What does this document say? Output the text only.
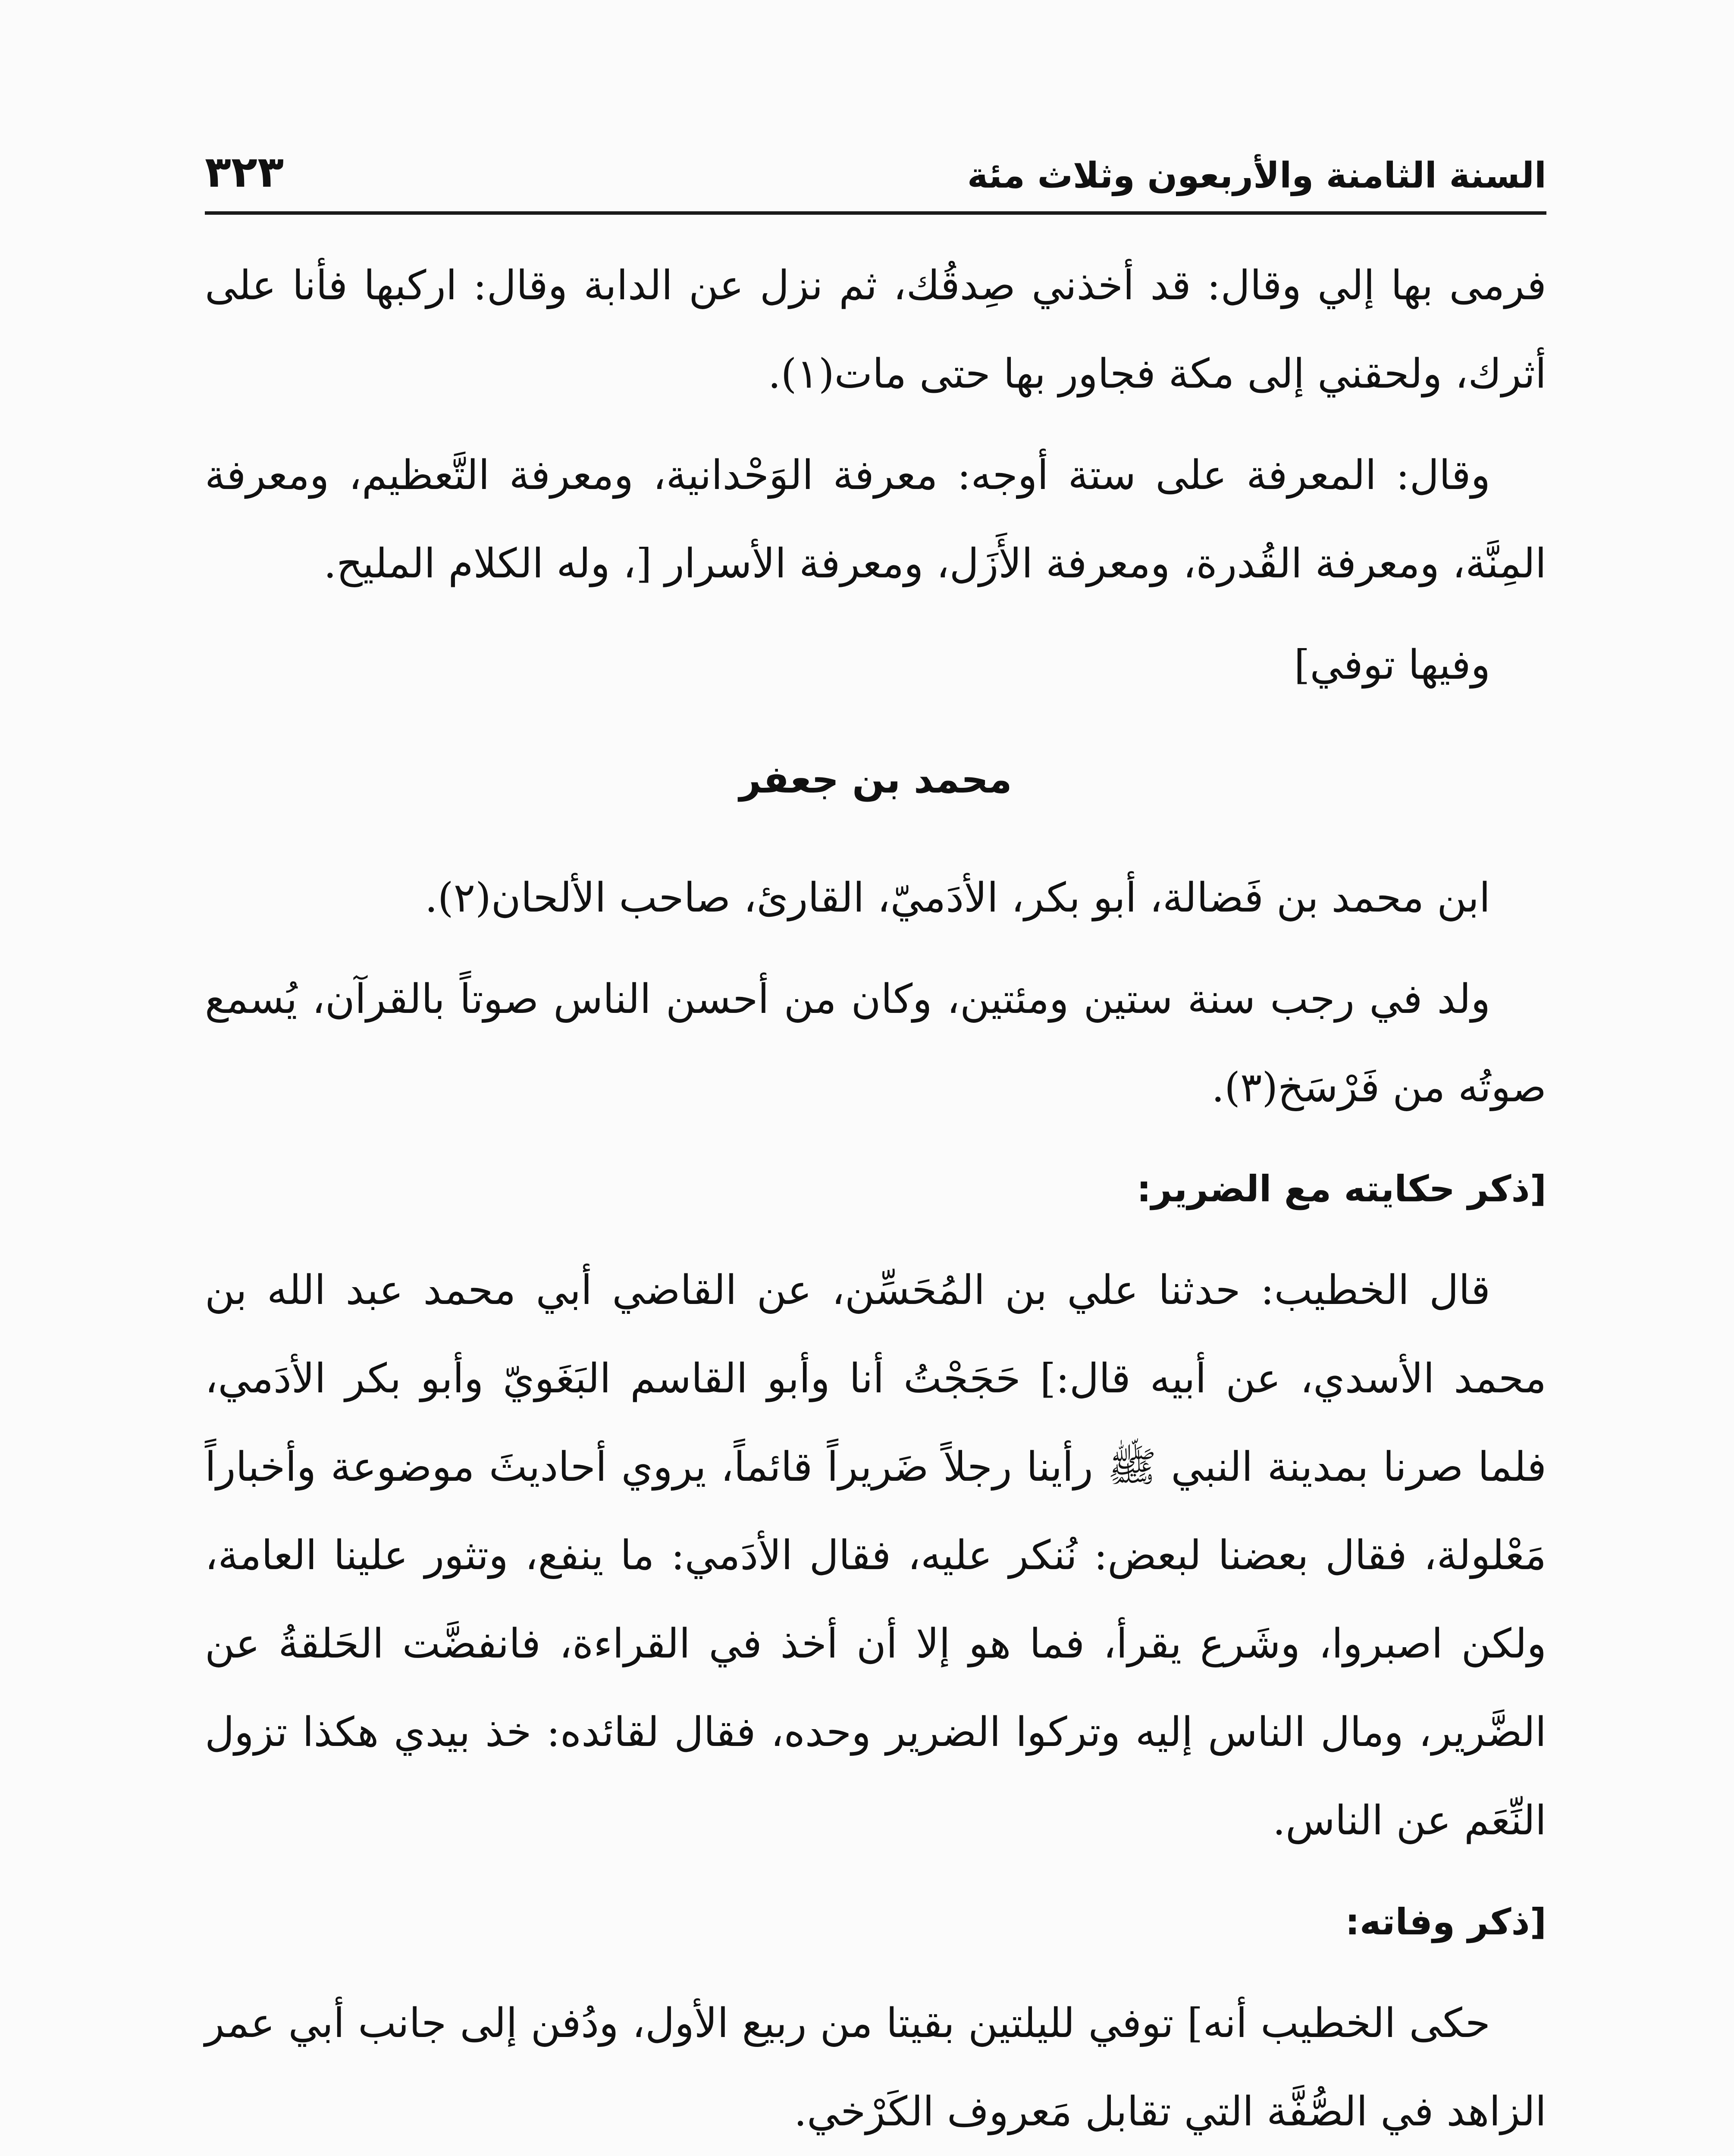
السنة الثامنة والأربعون وثلاث مئة
٣٢٣

فرمى بها إلي وقال: قد أخذني صِدقُك، ثم نزل عن الدابة وقال: اركبها فأنا على أثرك، ولحقني إلى مكة فجاور بها حتى مات(١).

وقال: المعرفة على ستة أوجه: معرفة الوَحْدانية، ومعرفة التَّعظيم، ومعرفة المِنَّة، ومعرفة القُدرة، ومعرفة الأَزَل، ومعرفة الأسرار [، وله الكلام المليح.

وفيها توفي]

محمد بن جعفر

ابن محمد بن فَضالة، أبو بكر، الأدَميّ، القارئ، صاحب الألحان(٢).

ولد في رجب سنة ستين ومئتين، وكان من أحسن الناس صوتاً بالقرآن، يُسمع صوتُه من فَرْسَخ(٣).

[ذكر حكايته مع الضرير:

قال الخطيب: حدثنا علي بن المُحَسِّن، عن القاضي أبي محمد عبد الله بن محمد الأسدي، عن أبيه قال:] حَجَجْتُ أنا وأبو القاسم البَغَويّ وأبو بكر الأدَمي، فلما صرنا بمدينة النبي ﷺ رأينا رجلاً ضَريراً قائماً، يروي أحاديثَ موضوعة وأخباراً مَعْلولة، فقال بعضنا لبعض: نُنكر عليه، فقال الأدَمي: ما ينفع، وتثور علينا العامة، ولكن اصبروا، وشَرع يقرأ، فما هو إلا أن أخذ في القراءة، فانفضَّت الحَلقةُ عن الضَّرير، ومال الناس إليه وتركوا الضرير وحده، فقال لقائده: خذ بيدي هكذا تزول النِّعَم عن الناس.

[ذكر وفاته:

حكى الخطيب أنه] توفي لليلتين بقيتا من ربيع الأول، ودُفن إلى جانب أبي عمر الزاهد في الصُّفَّة التي تقابل مَعروف الكَرْخي.
